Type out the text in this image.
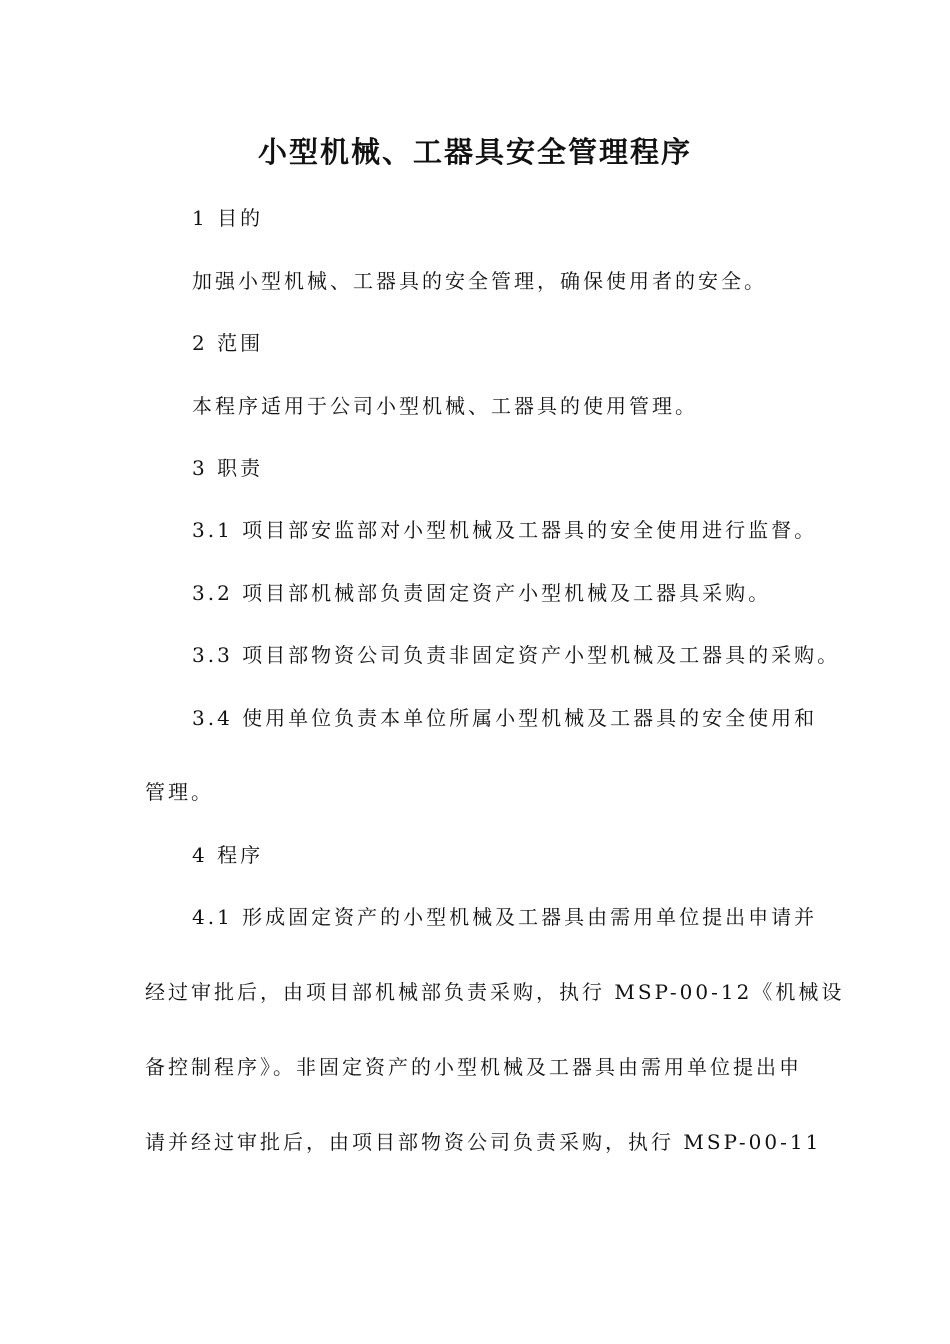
小型机械、工器具安全管理程序
1 目的
加强小型机械、工器具的安全管理，确保使用者的安全。
2 范围
本程序适用于公司小型机械、工器具的使用管理。
3 职责
3.1 项目部安监部对小型机械及工器具的安全使用进行监督。
3.2 项目部机械部负责固定资产小型机械及工器具采购。
3.3 项目部物资公司负责非固定资产小型机械及工器具的采购。
3.4 使用单位负责本单位所属小型机械及工器具的安全使用和
管理。
4 程序
4.1 形成固定资产的小型机械及工器具由需用单位提出申请并
经过审批后，由项目部机械部负责采购，执行 MSP-00-12《机械设
备控制程序》。非固定资产的小型机械及工器具由需用单位提出申
请并经过审批后，由项目部物资公司负责采购，执行 MSP-00-11
